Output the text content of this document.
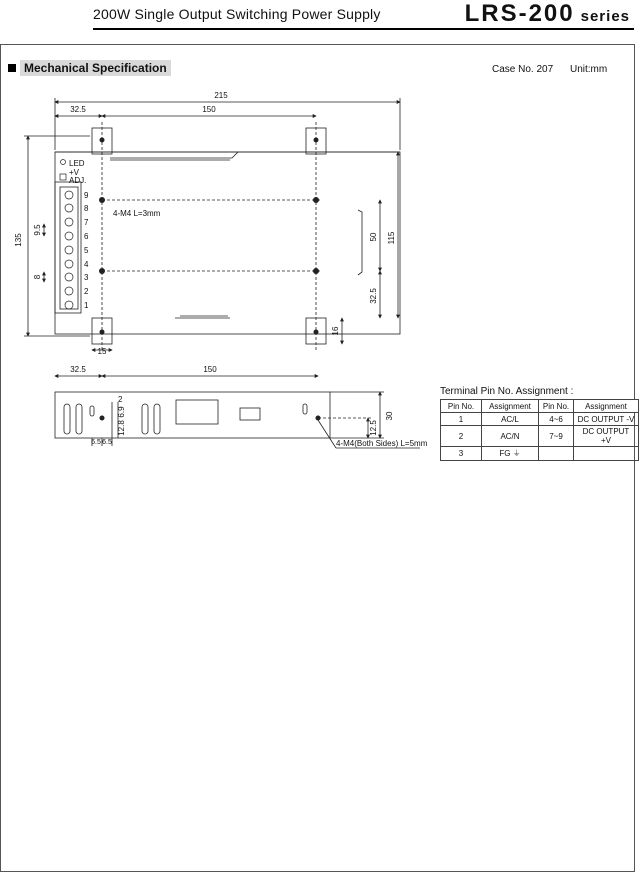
200W Single Output Switching Power Supply	LRS-200 series
Mechanical Specification	Case No. 207 Unit:mm
215
32.5	150
135
9.5
8
50 115
32.5
16
15
LED
+V
ADJ.
4-M4 L=3mm
9
8
7
6
5
4
3
2
1
32.5	150
2
6.9
12.8
6.5 6.5
12.5
30
4-M4(Both Sides) L=5mm
Terminal Pin No. Assignment :
Pin No.	Assignment	Pin No.	Assignment
1	AC/L	4~6	DC OUTPUT -V
2	AC/N	7~9	DC OUTPUT +V
3	FG ⏚		
